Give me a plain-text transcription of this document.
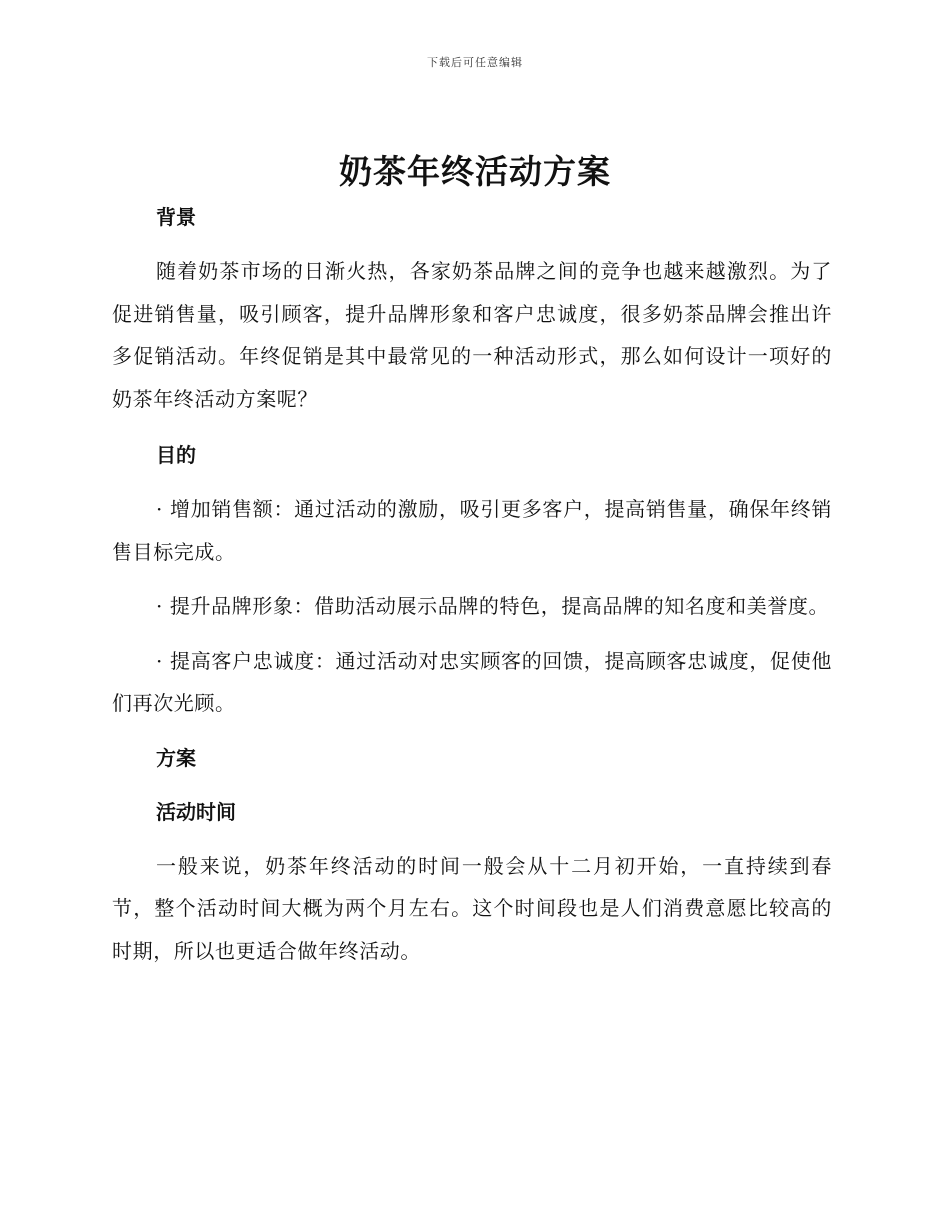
下载后可任意编辑
奶茶年终活动方案
背景

随着奶茶市场的日渐火热，各家奶茶品牌之间的竞争也越来越激烈。为了促进销售量，吸引顾客，提升品牌形象和客户忠诚度，很多奶茶品牌会推出许多促销活动。年终促销是其中最常见的一种活动形式，那么如何设计一项好的奶茶年终活动方案呢？

目的

· 增加销售额：通过活动的激励，吸引更多客户，提高销售量，确保年终销售目标完成。

· 提升品牌形象：借助活动展示品牌的特色，提高品牌的知名度和美誉度。

· 提高客户忠诚度：通过活动对忠实顾客的回馈，提高顾客忠诚度，促使他们再次光顾。

方案
活动时间

一般来说，奶茶年终活动的时间一般会从十二月初开始，一直持续到春节，整个活动时间大概为两个月左右。这个时间段也是人们消费意愿比较高的时期，所以也更适合做年终活动。
